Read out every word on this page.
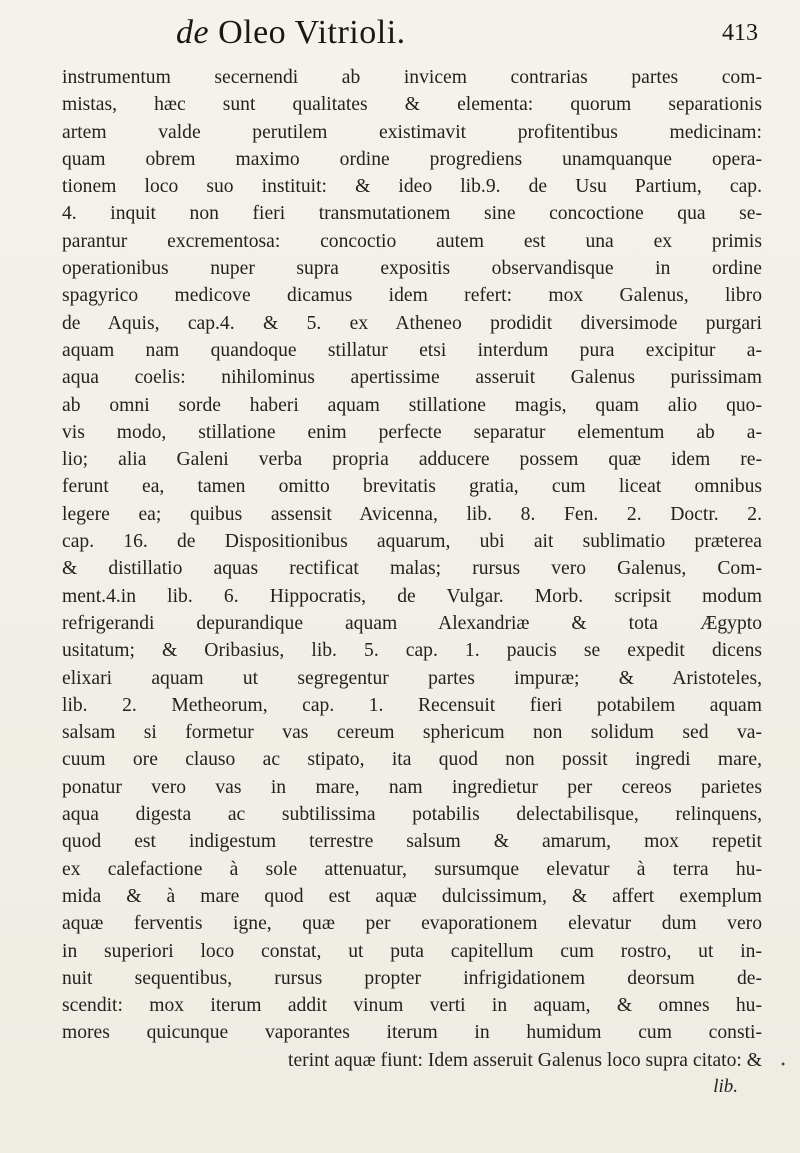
de Oleo Vitrioli.	413
instrumentum secernendi ab invicem contrarias partes com-
mistas, hæc sunt qualitates & elementa: quorum separationis
artem valde perutilem existimavit profitentibus medicinam:
quam obrem maximo ordine progrediens unamquanque opera-
tionem loco suo instituit: & ideo lib.9. de Usu Partium, cap.
4. inquit non fieri transmutationem sine concoctione qua se-
parantur excrementosa: concoctio autem est una ex primis
operationibus nuper supra expositis observandisque in ordine
spagyrico medicove dicamus idem refert: mox Galenus, libro
de Aquis, cap.4. & 5. ex Atheneo prodidit diversimode purgari
aquam nam quandoque stillatur etsi interdum pura excipitur a-
aqua coelis: nihilominus apertissime asseruit Galenus purissimam
ab omni sorde haberi aquam stillatione magis, quam alio quo-
vis modo, stillatione enim perfecte separatur elementum ab a-
lio; alia Galeni verba propria adducere possem quæ idem re-
ferunt ea, tamen omitto brevitatis gratia, cum liceat omnibus
legere ea; quibus assensit Avicenna, lib. 8. Fen. 2. Doctr. 2.
cap. 16. de Dispositionibus aquarum, ubi ait sublimatio præterea
& distillatio aquas rectificat malas; rursus vero Galenus, Com-
ment.4.in lib. 6. Hippocratis, de Vulgar. Morb. scripsit modum
refrigerandi depurandique aquam Alexandriæ & tota Ægypto
usitatum; & Oribasius, lib. 5. cap. 1. paucis se expedit dicens
elixari aquam ut segregentur partes impuræ; & Aristoteles,
lib. 2. Metheorum, cap. 1. Recensuit fieri potabilem aquam
salsam si formetur vas cereum sphericum non solidum sed va-
cuum ore clauso ac stipato, ita quod non possit ingredi mare,
ponatur vero vas in mare, nam ingredietur per cereos parietes
aqua digesta ac subtilissima potabilis delectabilisque, relinquens,
quod est indigestum terrestre salsum & amarum, mox repetit
ex calefactione à sole attenuatur, sursumque elevatur à terra hu-
mida & à mare quod est aquæ dulcissimum, & affert exemplum
aquæ ferventis igne, quæ per evaporationem elevatur dum vero
in superiori loco constat, ut puta capitellum cum rostro, ut in-
nuit sequentibus, rursus propter infrigidationem deorsum de-
scendit: mox iterum addit vinum verti in aquam, & omnes hu-
mores quicunque vaporantes iterum in humidum cum consti-
terint aquæ fiunt: Idem asseruit Galenus loco supra citato: &
lib.
•
